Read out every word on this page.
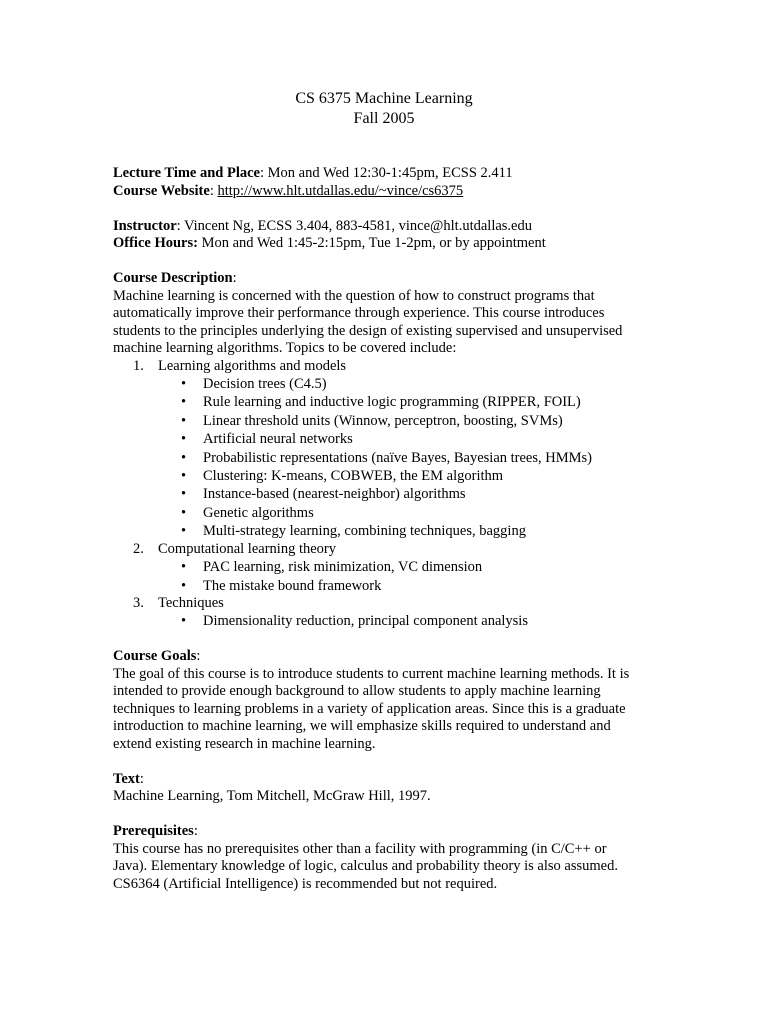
CS 6375 Machine Learning
Fall 2005
Lecture Time and Place: Mon and Wed 12:30-1:45pm, ECSS 2.411
Course Website: http://www.hlt.utdallas.edu/~vince/cs6375
Instructor: Vincent Ng, ECSS 3.404, 883-4581, vince@hlt.utdallas.edu
Office Hours: Mon and Wed 1:45-2:15pm, Tue 1-2pm, or by appointment
Course Description:
Machine learning is concerned with the question of how to construct programs that
automatically improve their performance through experience. This course introduces
students to the principles underlying the design of existing supervised and unsupervised
machine learning algorithms. Topics to be covered include:
1. Learning algorithms and models
• Decision trees (C4.5)
• Rule learning and inductive logic programming (RIPPER, FOIL)
• Linear threshold units (Winnow, perceptron, boosting, SVMs)
• Artificial neural networks
• Probabilistic representations (naïve Bayes, Bayesian trees, HMMs)
• Clustering: K-means, COBWEB, the EM algorithm
• Instance-based (nearest-neighbor) algorithms
• Genetic algorithms
• Multi-strategy learning, combining techniques, bagging
2. Computational learning theory
• PAC learning, risk minimization, VC dimension
• The mistake bound framework
3. Techniques
• Dimensionality reduction, principal component analysis
Course Goals:
The goal of this course is to introduce students to current machine learning methods. It is
intended to provide enough background to allow students to apply machine learning
techniques to learning problems in a variety of application areas. Since this is a graduate
introduction to machine learning, we will emphasize skills required to understand and
extend existing research in machine learning.
Text:
Machine Learning, Tom Mitchell, McGraw Hill, 1997.
Prerequisites:
This course has no prerequisites other than a facility with programming (in C/C++ or
Java). Elementary knowledge of logic, calculus and probability theory is also assumed.
CS6364 (Artificial Intelligence) is recommended but not required.
